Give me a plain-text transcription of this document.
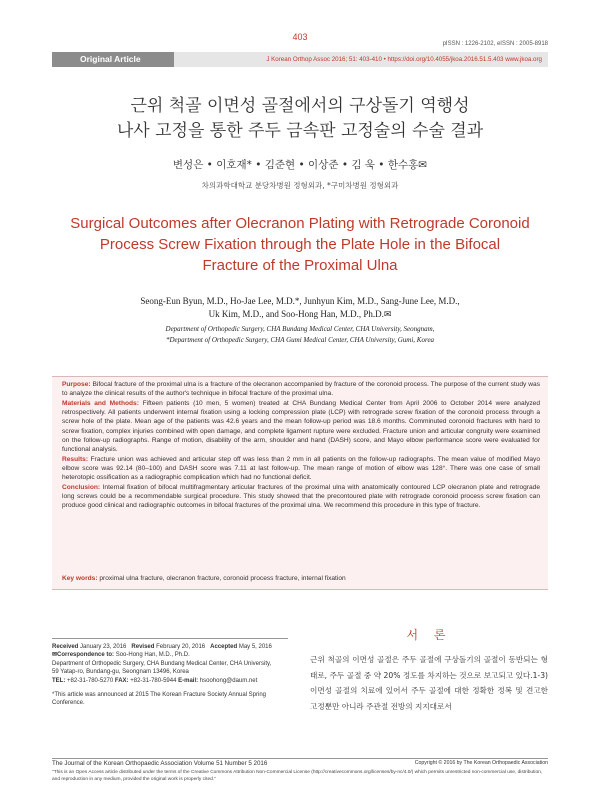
403
pISSN : 1226-2102, eISSN : 2005-8918
Original Article	J Korean Orthop Assoc 2016; 51: 403-410 • https://doi.org/10.4055/jkoa.2016.51.5.403 www.jkoa.org
근위 척골 이면성 골절에서의 구상돌기 역행성
나사 고정을 통한 주두 금속판 고정술의 수술 결과
변성은 • 이호재* • 김준현 • 이상준 • 김 욱 • 한수홍✉
차의과학대학교 분당차병원 정형외과, *구미차병원 정형외과
Surgical Outcomes after Olecranon Plating with Retrograde Coronoid
Process Screw Fixation through the Plate Hole in the Bifocal
Fracture of the Proximal Ulna
Seong-Eun Byun, M.D., Ho-Jae Lee, M.D.*, Junhyun Kim, M.D., Sang-June Lee, M.D.,
Uk Kim, M.D., and Soo-Hong Han, M.D., Ph.D.✉
Department of Orthopedic Surgery, CHA Bundang Medical Center, CHA University, Seongnam,
*Department of Orthopedic Surgery, CHA Gumi Medical Center, CHA University, Gumi, Korea

Purpose: Bifocal fracture of the proximal ulna is a fracture of the olecranon accompanied by fracture of the coronoid process. The purpose of the current study was to analyze the clinical results of the author's technique in bifocal fracture of the proximal ulna.

Materials and Methods: Fifteen patients (10 men, 5 women) treated at CHA Bundang Medical Center from April 2006 to October 2014 were analyzed retrospectively. All patients underwent internal fixation using a locking compression plate (LCP) with retrograde screw fixation of the coronoid process through a screw hole of the plate. Mean age of the patients was 42.6 years and the mean follow-up period was 18.6 months. Comminuted coronoid fractures with hard to screw fixation, complex injuries combined with open damage, and complete ligament rupture were excluded. Fracture union and articular congruity were examined on the follow-up radiographs. Range of motion, disability of the arm, shoulder and hand (DASH) score, and Mayo elbow performance score were evaluated for functional analysis.

Results: Fracture union was achieved and articular step off was less than 2 mm in all patients on the follow-up radiographs. The mean value of modified Mayo elbow score was 92.14 (80–100) and DASH score was 7.11 at last follow-up. The mean range of motion of elbow was 128°. There was one case of small heterotopic ossification as a radiographic complication which had no functional deficit.

Conclusion: Internal fixation of bifocal multifragmentary articular fractures of the proximal ulna with anatomically contoured LCP olecranon plate and retrograde long screws could be a recommendable surgical procedure. This study showed that the precontoured plate with retrograde coronoid process screw fixation can produce good clinical and radiographic outcomes in bifocal fractures of the proximal ulna. We recommend this procedure in this type of fracture.

Key words: proximal ulna fracture, olecranon fracture, coronoid process fracture, internal fixation

Received January 23, 2016 Revised February 20, 2016 Accepted May 5, 2016
✉Correspondence to: Soo-Hong Han, M.D., Ph.D.
Department of Orthopedic Surgery, CHA Bundang Medical Center, CHA University,
59 Yatap-ro, Bundang-gu, Seongnam 13496, Korea
TEL: +82-31-780-5270 FAX: +82-31-780-5944 E-mail: hsoohong@daum.net
*This article was announced at 2015 The Korean Fracture Society Annual Spring
Conference.
서 론
근위 척골의 이면성 골절은 주두 골절에 구상돌기의 골절이 동반되는 형태로, 주두 골절 중 약 20% 정도를 차지하는 것으로 보고되고 있다.1-3) 이면성 골절의 치료에 있어서 주두 골절에 대한 정확한 정복 및 견고한 고정뿐만 아니라 주관절 전방의 지지대로서
The Journal of the Korean Orthopaedic Association Volume 51 Number 5 2016	Copyright © 2016 by The Korean Orthopaedic Association
"This is an Open Access article distributed under the terms of the Creative Commons Attribution Non-Commercial License (http://creativecommons.org/licenses/by-nc/4.0/) which permits unrestricted non-commercial use, distribution, and reproduction in any medium, provided the original work is properly cited."
